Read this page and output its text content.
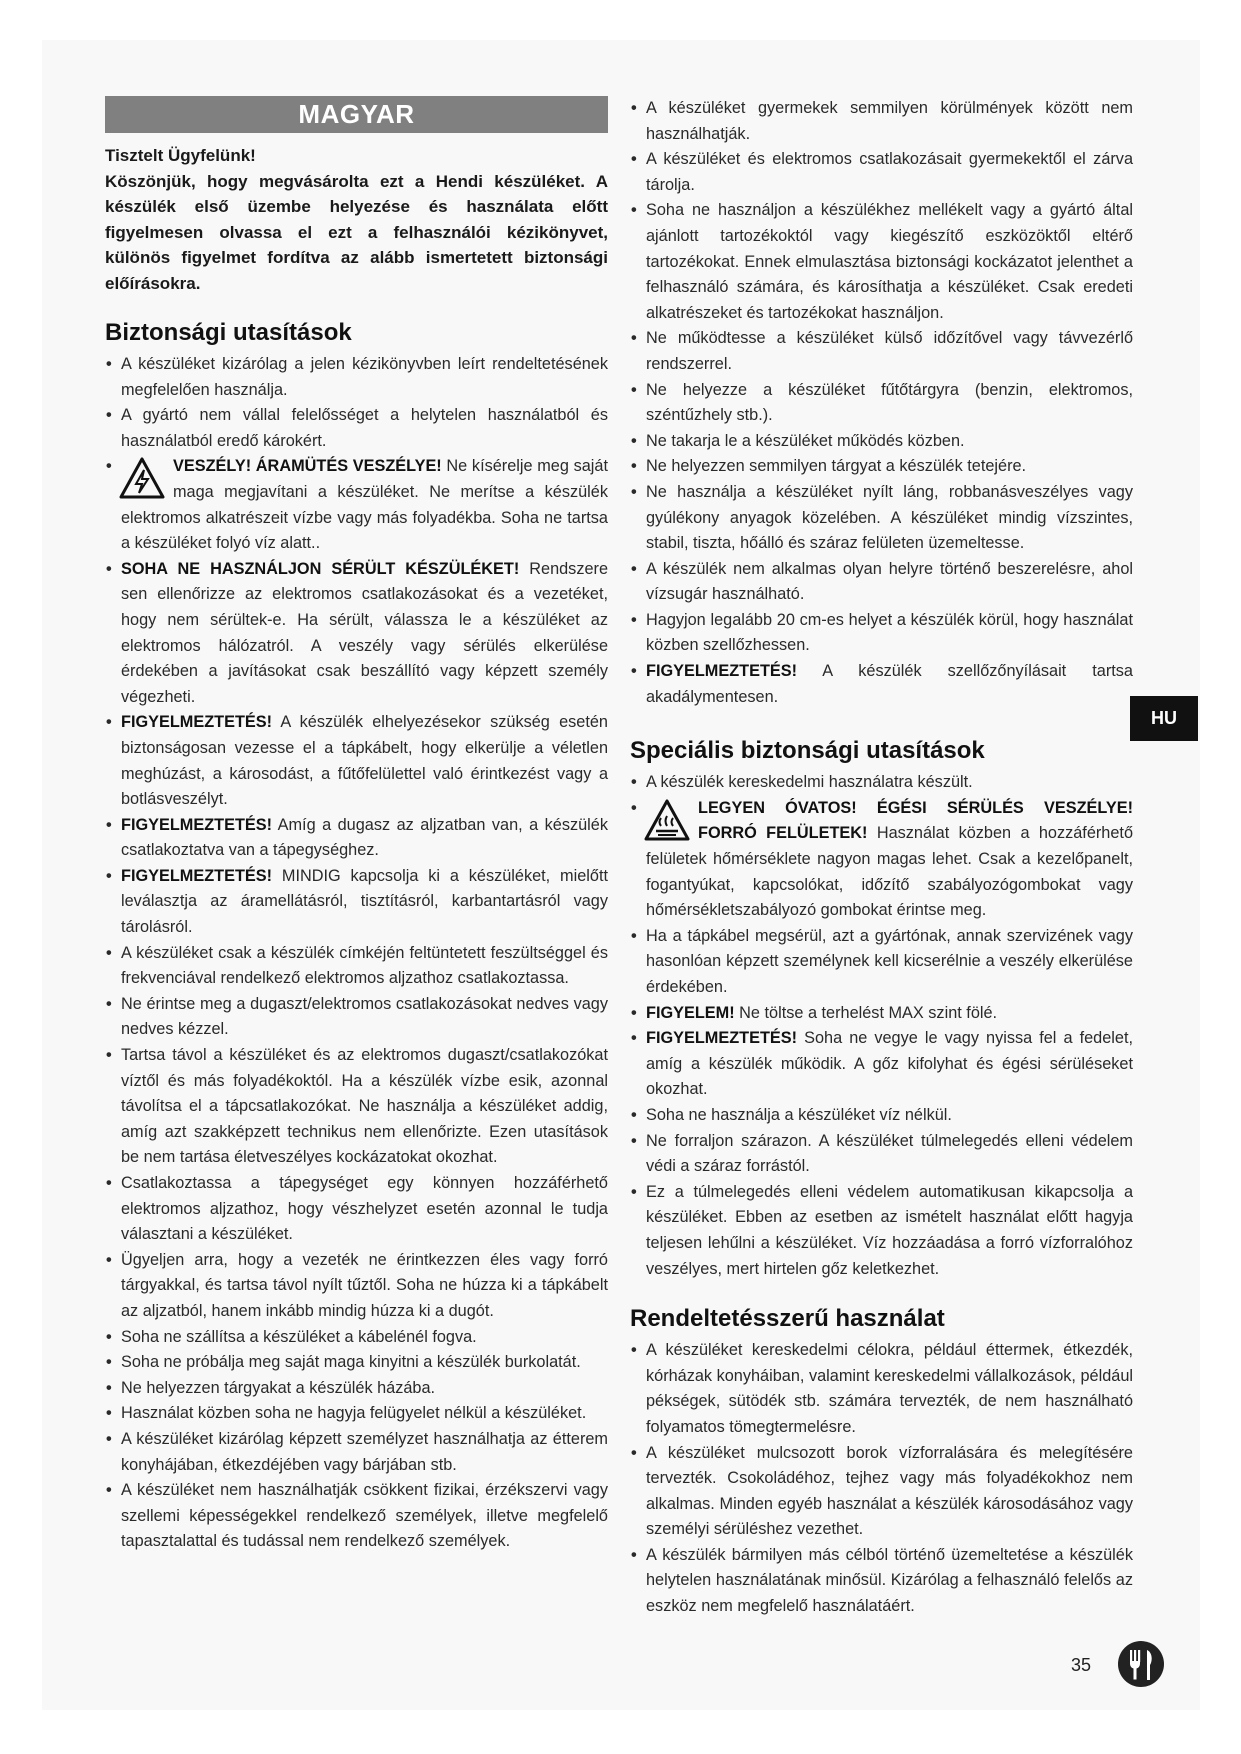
MAGYAR
Tisztelt Ügyfelünk!
Köszönjük, hogy megvásárolta ezt a Hendi készüléket. A készülék első üzembe helyezése és használata előtt figyelmesen olvassa el ezt a felhasználói kézikönyvet, különös figyelmet fordítva az alább ismertetett biztonsági előírásokra.
Biztonsági utasítások
• A készüléket kizárólag a jelen kézikönyvben leírt rendeltetésének megfelelően használja.
• A gyártó nem vállal felelősséget a helytelen használatból és használatból eredő károkért.
•	VESZÉLY! ÁRAMÜTÉS VESZÉLYE! Ne kísérelje meg saját maga megjavítani a készüléket. Ne merítse a készülék elektromos alkatrészeit vízbe vagy más folyadékba. Soha ne tartsa a készüléket folyó víz alatt..
• SOHA NE HASZNÁLJON SÉRÜLT KÉSZÜLÉKET! Rendszere sen ellenőrizze az elektromos csatlakozásokat és a vezetéket, hogy nem sérültek-e. Ha sérült, válassza le a készüléket az elektromos hálózatról. A veszély vagy sérülés elkerülése érdekében a javításokat csak beszállító vagy képzett személy végezheti.
• FIGYELMEZTETÉS! A készülék elhelyezésekor szükség esetén biztonságosan vezesse el a tápkábelt, hogy elkerülje a véletlen meghúzást, a károsodást, a fűtőfelülettel való érintkezést vagy a botlásveszélyt.
• FIGYELMEZTETÉS! Amíg a dugasz az aljzatban van, a készülék csatlakoztatva van a tápegységhez.
• FIGYELMEZTETÉS! MINDIG kapcsolja ki a készüléket, mielőtt leválasztja az áramellátásról, tisztításról, karbantartásról vagy tárolásról.
• A készüléket csak a készülék címkéjén feltüntetett feszültséggel és frekvenciával rendelkező elektromos aljzathoz csatlakoztassa.
• Ne érintse meg a dugaszt/elektromos csatlakozásokat nedves vagy nedves kézzel.
• Tartsa távol a készüléket és az elektromos dugaszt/csatlakozókat víztől és más folyadékoktól. Ha a készülék vízbe esik, azonnal távolítsa el a tápcsatlakozókat. Ne használja a készüléket addig, amíg azt szakképzett technikus nem ellenőrizte. Ezen utasítások be nem tartása életveszélyes kockázatokat okozhat.
• Csatlakoztassa a tápegységet egy könnyen hozzáférhető elektromos aljzathoz, hogy vészhelyzet esetén azonnal le tudja választani a készüléket.
• Ügyeljen arra, hogy a vezeték ne érintkezzen éles vagy forró tárgyakkal, és tartsa távol nyílt tűztől. Soha ne húzza ki a tápkábelt az aljzatból, hanem inkább mindig húzza ki a dugót.
• Soha ne szállítsa a készüléket a kábelénél fogva.
• Soha ne próbálja meg saját maga kinyitni a készülék burkolatát.
• Ne helyezzen tárgyakat a készülék házába.
• Használat közben soha ne hagyja felügyelet nélkül a készüléket.
• A készüléket kizárólag képzett személyzet használhatja az étterem konyhájában, étkezdéjében vagy bárjában stb.
• A készüléket nem használhatják csökkent fizikai, érzékszervi vagy szellemi képességekkel rendelkező személyek, illetve megfelelő tapasztalattal és tudással nem rendelkező személyek.
• A készüléket gyermekek semmilyen körülmények között nem használhatják.
• A készüléket és elektromos csatlakozásait gyermekektől el zárva tárolja.
• Soha ne használjon a készülékhez mellékelt vagy a gyártó által ajánlott tartozékoktól vagy kiegészítő eszközöktől eltérő tartozékokat. Ennek elmulasztása biztonsági kockázatot jelenthet a felhasználó számára, és károsíthatja a készüléket. Csak eredeti alkatrészeket és tartozékokat használjon.
• Ne működtesse a készüléket külső időzítővel vagy távvezérlő rendszerrel.
• Ne helyezze a készüléket fűtőtárgyra (benzin, elektromos, széntűzhely stb.).
• Ne takarja le a készüléket működés közben.
• Ne helyezzen semmilyen tárgyat a készülék tetejére.
• Ne használja a készüléket nyílt láng, robbanásveszélyes vagy gyúlékony anyagok közelében. A készüléket mindig vízszintes, stabil, tiszta, hőálló és száraz felületen üzemeltesse.
• A készülék nem alkalmas olyan helyre történő beszerelésre, ahol vízsugár használható.
• Hagyjon legalább 20 cm-es helyet a készülék körül, hogy használat közben szellőzhessen.
• FIGYELMEZTETÉS! A készülék szellőzőnyílásait tartsa akadálymentesen.
Speciális biztonsági utasítások
• A készülék kereskedelmi használatra készült.
•	LEGYEN ÓVATOS! ÉGÉSI SÉRÜLÉS VESZÉLYE! FORRÓ FELÜLETEK! Használat közben a hozzáférhető felületek hőmérséklete nagyon magas lehet. Csak a kezelőpanelt, fogantyúkat, kapcsolókat, időzítő szabályozógombokat vagy hőmérsékletszabályozó gombokat érintse meg.
• Ha a tápkábel megsérül, azt a gyártónak, annak szervizének vagy hasonlóan képzett személynek kell kicserélnie a veszély elkerülése érdekében.
• FIGYELEM! Ne töltse a terhelést MAX szint fölé.
• FIGYELMEZTETÉS! Soha ne vegye le vagy nyissa fel a fedelet, amíg a készülék működik. A gőz kifolyhat és égési sérüléseket okozhat.
• Soha ne használja a készüléket víz nélkül.
• Ne forraljon szárazon. A készüléket túlmelegedés elleni védelem védi a száraz forrástól.
• Ez a túlmelegedés elleni védelem automatikusan kikapcsolja a készüléket. Ebben az esetben az ismételt használat előtt hagyja teljesen lehűlni a készüléket. Víz hozzáadása a forró vízforralóhoz veszélyes, mert hirtelen gőz keletkezhet.
Rendeltetésszerű használat
• A készüléket kereskedelmi célokra, például éttermek, étkezdék, kórházak konyháiban, valamint kereskedelmi vállalkozások, például pékségek, sütödék stb. számára tervezték, de nem használható folyamatos tömegtermelésre.
• A készüléket mulcsozott borok vízforralására és melegítésére tervezték. Csokoládéhoz, tejhez vagy más folyadékokhoz nem alkalmas. Minden egyéb használat a készülék károsodásához vagy személyi sérüléshez vezethet.
• A készülék bármilyen más célból történő üzemeltetése a készülék helytelen használatának minősül. Kizárólag a felhasználó felelős az eszköz nem megfelelő használatáért.
HU
35
